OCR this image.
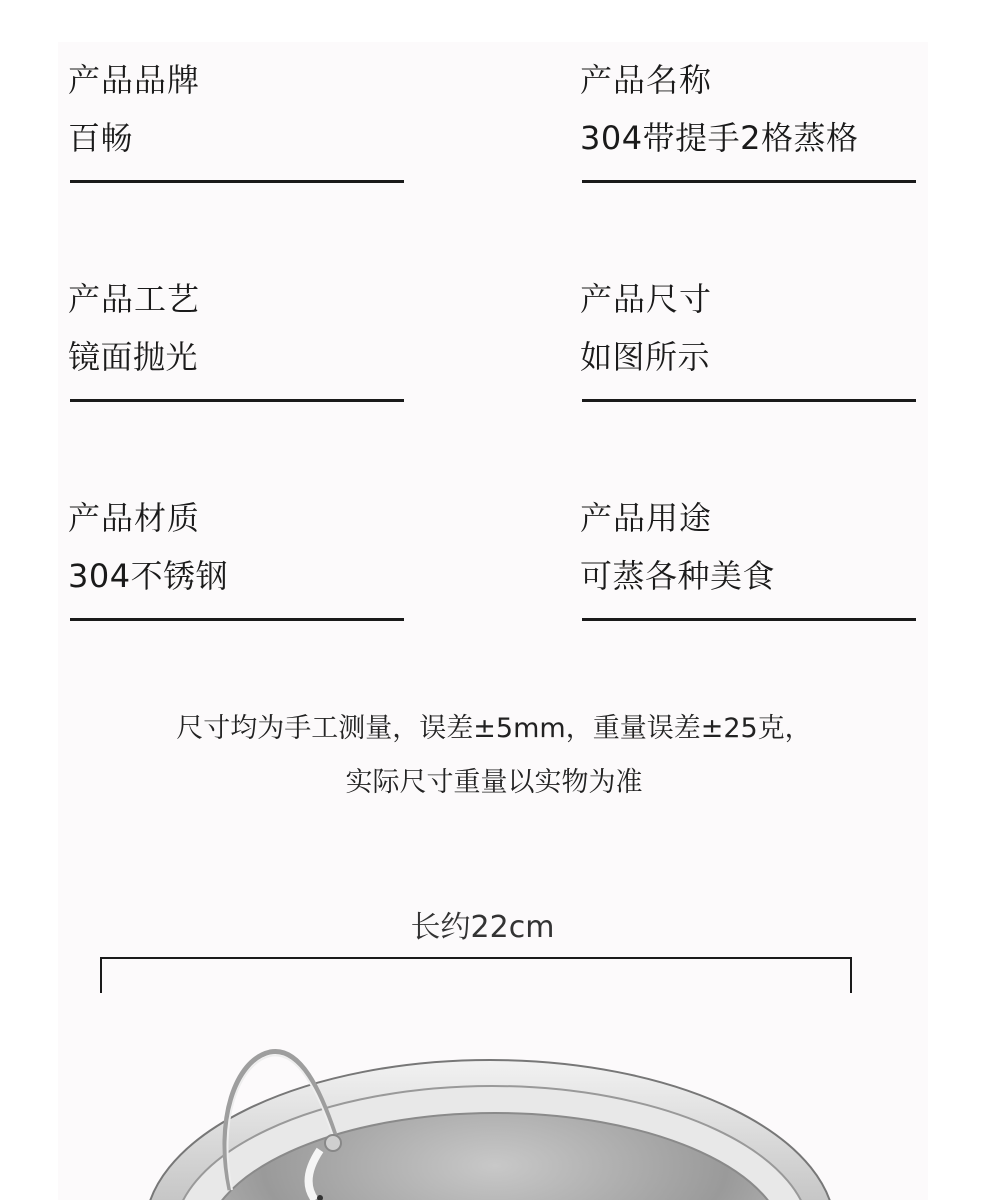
产品品牌
百畅
产品名称
304带提手2格蒸格
产品工艺
镜面抛光
产品尺寸
如图所示
产品材质
304不锈钢
产品用途
可蒸各种美食
尺寸均为手工测量，误差±5mm，重量误差±25克，
实际尺寸重量以实物为准
长约22cm
